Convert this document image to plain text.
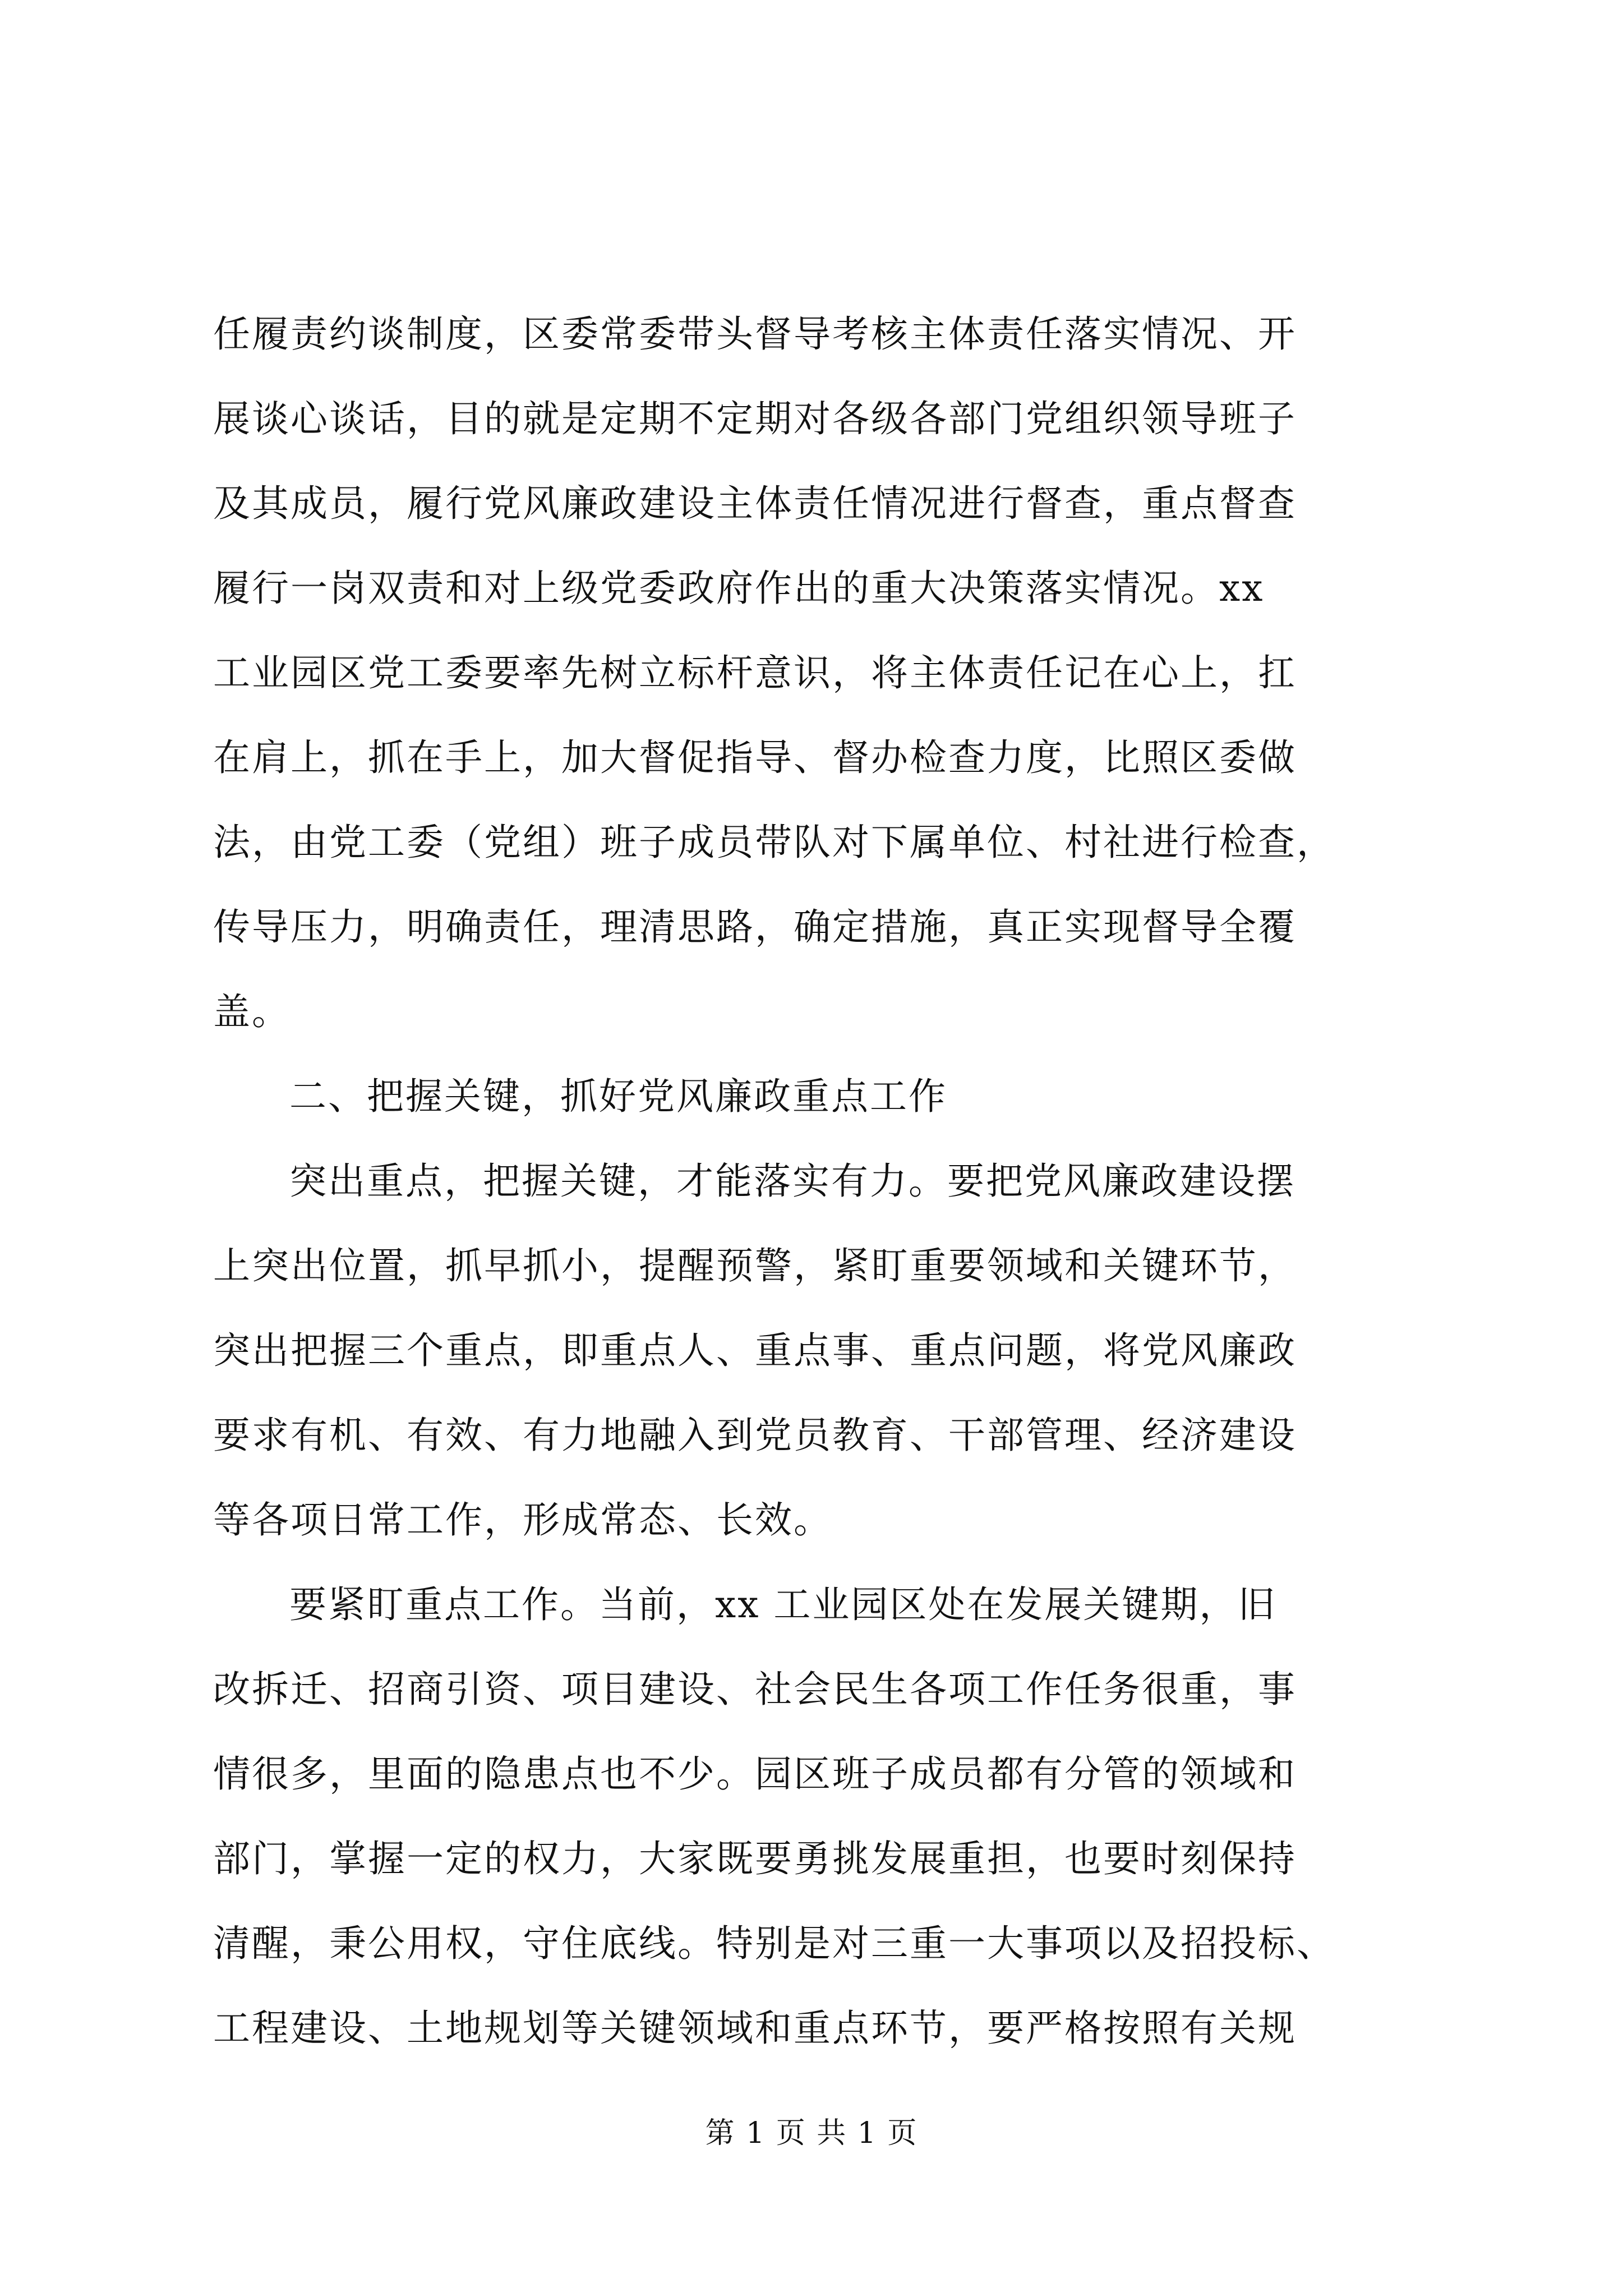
任履责约谈制度，区委常委带头督导考核主体责任落实情况、开
展谈心谈话，目的就是定期不定期对各级各部门党组织领导班子
及其成员，履行党风廉政建设主体责任情况进行督查，重点督查
履行一岗双责和对上级党委政府作出的重大决策落实情况。xx
工业园区党工委要率先树立标杆意识，将主体责任记在心上，扛
在肩上，抓在手上，加大督促指导、督办检查力度，比照区委做
法，由党工委（党组）班子成员带队对下属单位、村社进行检查，
传导压力，明确责任，理清思路，确定措施，真正实现督导全覆
盖。
二、把握关键，抓好党风廉政重点工作
突出重点，把握关键，才能落实有力。要把党风廉政建设摆
上突出位置，抓早抓小，提醒预警，紧盯重要领域和关键环节，
突出把握三个重点，即重点人、重点事、重点问题，将党风廉政
要求有机、有效、有力地融入到党员教育、干部管理、经济建设
等各项日常工作，形成常态、长效。
要紧盯重点工作。当前，xx 工业园区处在发展关键期，旧
改拆迁、招商引资、项目建设、社会民生各项工作任务很重，事
情很多，里面的隐患点也不少。园区班子成员都有分管的领域和
部门，掌握一定的权力，大家既要勇挑发展重担，也要时刻保持
清醒，秉公用权，守住底线。特别是对三重一大事项以及招投标、
工程建设、土地规划等关键领域和重点环节，要严格按照有关规
第 1 页 共 1 页
